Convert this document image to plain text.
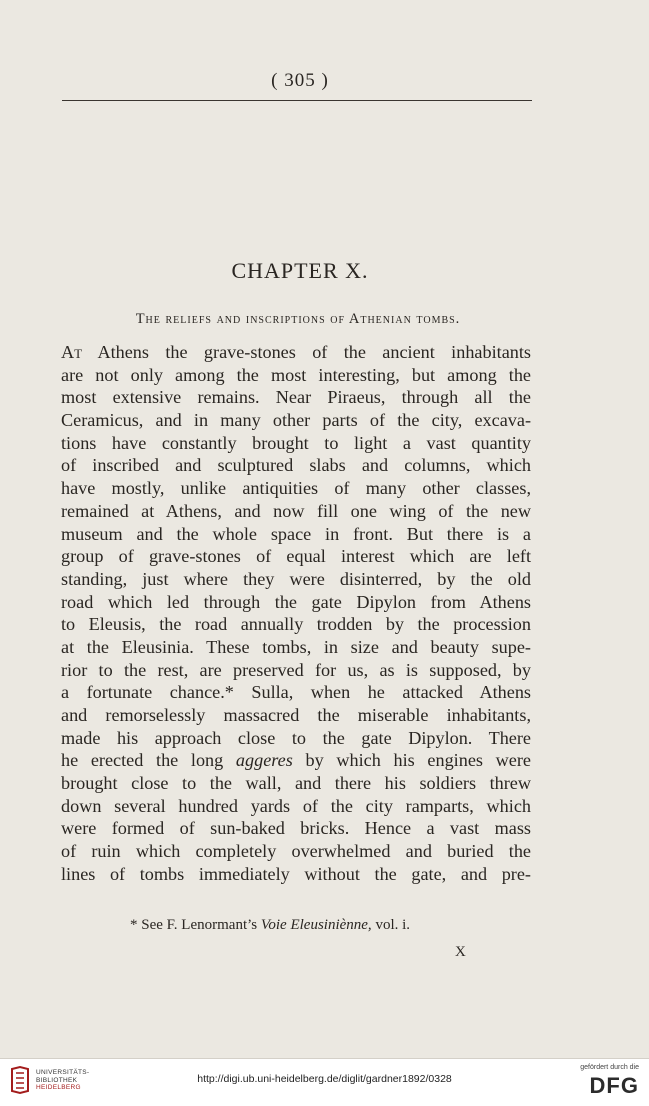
( 305 )
CHAPTER X.
The reliefs and inscriptions of Athenian tombs.
At Athens the grave-stones of the ancient inhabitants
are not only among the most interesting, but among the
most extensive remains. Near Piraeus, through all the
Ceramicus, and in many other parts of the city, excava-
tions have constantly brought to light a vast quantity
of inscribed and sculptured slabs and columns, which
have mostly, unlike antiquities of many other classes,
remained at Athens, and now fill one wing of the new
museum and the whole space in front. But there is a
group of grave-stones of equal interest which are left
standing, just where they were disinterred, by the old
road which led through the gate Dipylon from Athens
to Eleusis, the road annually trodden by the procession
at the Eleusinia. These tombs, in size and beauty supe-
rior to the rest, are preserved for us, as is supposed, by
a fortunate chance.* Sulla, when he attacked Athens
and remorselessly massacred the miserable inhabitants,
made his approach close to the gate Dipylon. There
he erected the long aggeres by which his engines were
brought close to the wall, and there his soldiers threw
down several hundred yards of the city ramparts, which
were formed of sun-baked bricks. Hence a vast mass
of ruin which completely overwhelmed and buried the
lines of tombs immediately without the gate, and pre-
* See F. Lenormant’s Voie Eleusiniènne, vol. i.
X
UNIVERSITÄTS-
BIBLIOTHEK
HEIDELBERG
http://digi.ub.uni-heidelberg.de/diglit/gardner1892/0328
gefördert durch die
DFG
